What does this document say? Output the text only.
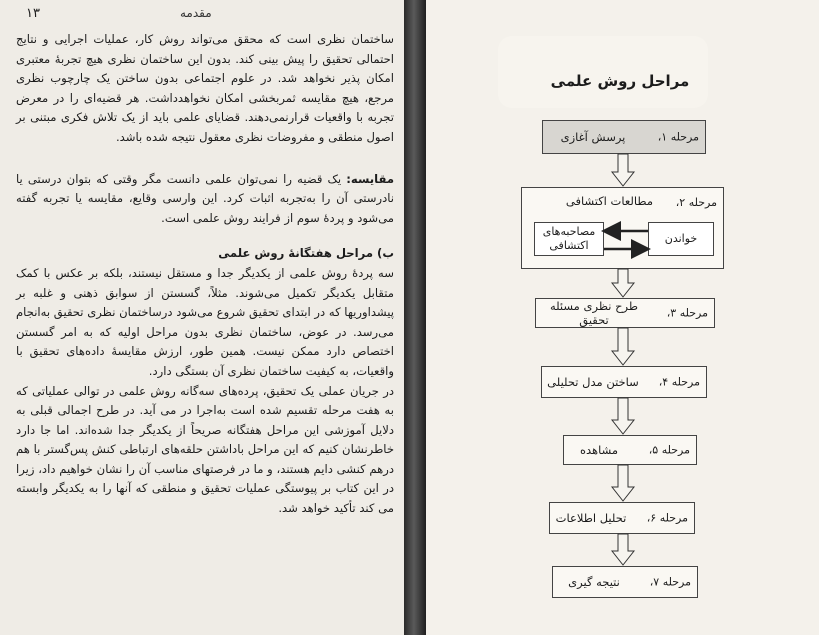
۱۳	مقدمه

ساختمان نظری است که محقق می‌تواند روش کار، عملیات اجرایی و نتایج احتمالی تحقیق را پیش بینی کند. بدون این ساختمان نظری هیچ تجربهٔ معتبری امکان پذیر نخواهد شد. در علوم اجتماعی بدون ساختن یک چارچوب نظری مرجع، هیچ مقایسه ثمربخشی امکان نخواهدداشت. هر قضیه‌ای را در معرض تجربه با واقعیات قرارنمی‌دهند. قضایای علمی باید از یک تلاش فکری مبتنی بر اصول منطقی و مفروضات نظری معقول نتیجه شده باشد.

مقایسه: یک قضیه را نمی‌توان علمی دانست مگر وقتی که بتوان درستی یا نادرستی آن را به‌تجربه اثبات کرد. این وارسی وقایع، مقایسه یا تجربه گفته می‌شود و پردهٔ سوم از فرایند روش علمی است.

ب) مراحل هفتگانهٔ روش علمی

سه پردهٔ روش علمی از یکدیگر جدا و مستقل نیستند، بلکه بر عکس با کمک متقابل یکدیگر تکمیل می‌شوند. مثلاً، گسستن از سوابق ذهنی و غلبه بر پیشداوریها که در ابتدای تحقیق شروع می‌شود درساختمان نظری تحقیق به‌انجام می‌رسد. در عوض، ساختمان نظری بدون مراحل اولیه که به امر گسستن اختصاص دارد ممکن نیست. همین طور، ارزش مقایسهٔ داده‌های تحقیق با واقعیات، به کیفیت ساختمان نظری آن بستگی دارد.

در جریان عملی یک تحقیق، پرده‌های سه‌گانه روش علمی در توالی عملیاتی که به هفت مرحله تقسیم شده است به‌اجرا در می آید. در طرح اجمالی قبلی به دلایل آموزشی این مراحل هفتگانه صریحاً از یکدیگر جدا شده‌اند. اما جا دارد خاطرنشان کنیم که این مراحل باداشتن حلقه‌های ارتباطی کنش پس‌گستر با هم درهم کنشی دایم هستند، و ما در فرصتهای مناسب آن را نشان خواهیم داد، زیرا در این کتاب بر پیوستگی عملیات تحقیق و منطقی که آنها را به یکدیگر وابسته می کند تأکید خواهد شد.

مراحل روش علمی
مرحله ۱،
پرسش آغازی
مرحله ۲،
مطالعات اکتشافی
مصاحبه‌های اکتشافی
خواندن
مرحله ۳،
طرح نظری مسئله تحقیق
مرحله ۴،
ساختن مدل تحلیلی
مرحله ۵،
مشاهده
مرحله ۶،
تحلیل اطلاعات
مرحله ۷،
نتیجه گیری
